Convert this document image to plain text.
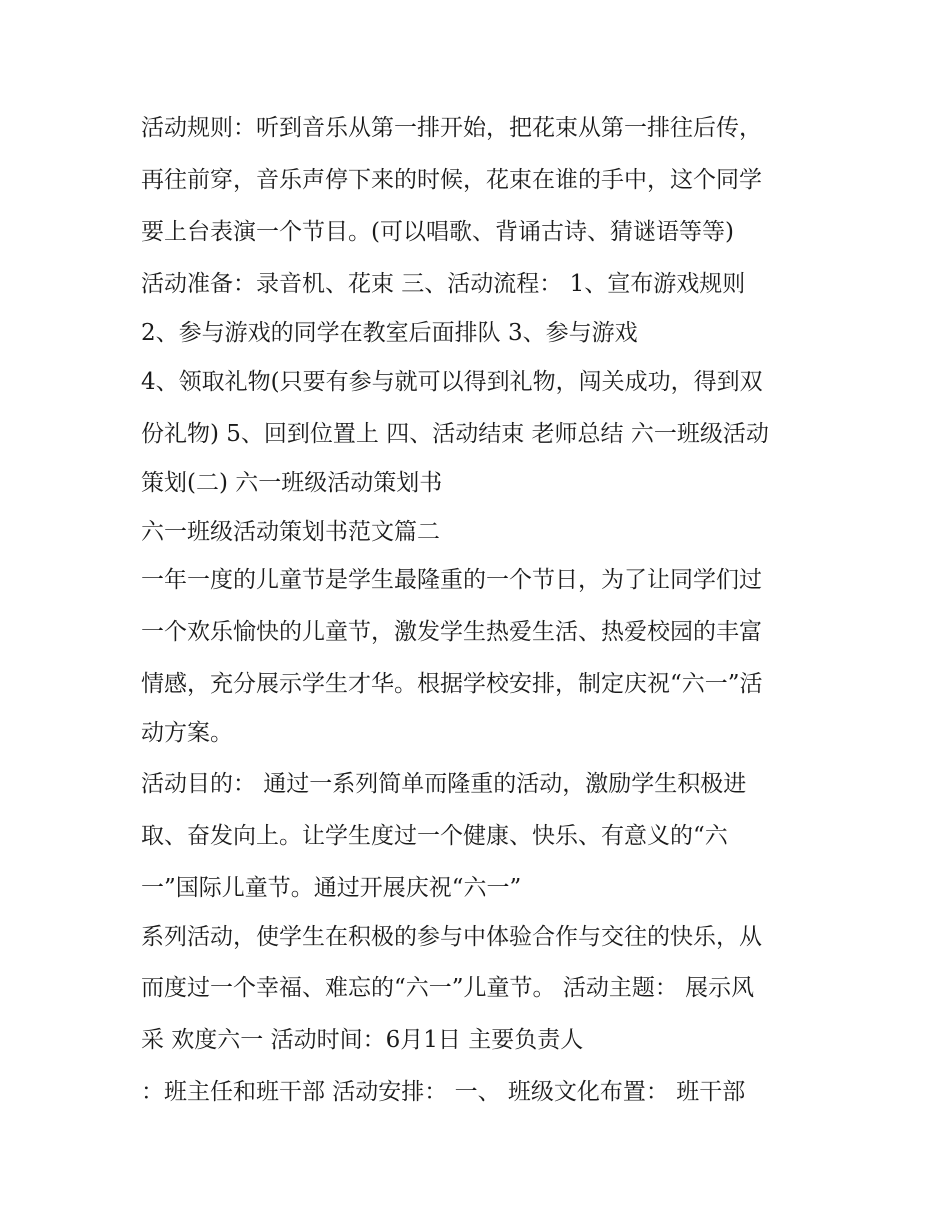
活动规则：听到音乐从第一排开始，把花束从第一排往后传，
再往前穿，音乐声停下来的时候，花束在谁的手中，这个同学
要上台表演一个节目。(可以唱歌、背诵古诗、猜谜语等等)
活动准备：录音机、花束 三、活动流程： 1、宣布游戏规则
2、参与游戏的同学在教室后面排队 3、参与游戏
4、领取礼物(只要有参与就可以得到礼物，闯关成功，得到双
份礼物) 5、回到位置上 四、活动结束 老师总结 六一班级活动
策划(二) 六一班级活动策划书
六一班级活动策划书范文篇二
一年一度的儿童节是学生最隆重的一个节日，为了让同学们过
一个欢乐愉快的儿童节，激发学生热爱生活、热爱校园的丰富
情感，充分展示学生才华。根据学校安排，制定庆祝“六一”活
动方案。
活动目的： 通过一系列简单而隆重的活动，激励学生积极进
取、奋发向上。让学生度过一个健康、快乐、有意义的“六
一”国际儿童节。通过开展庆祝“六一”
系列活动，使学生在积极的参与中体验合作与交往的快乐，从
而度过一个幸福、难忘的“六一”儿童节。 活动主题： 展示风
采 欢度六一 活动时间：6月1日 主要负责人
：班主任和班干部 活动安排： 一、 班级文化布置： 班干部
